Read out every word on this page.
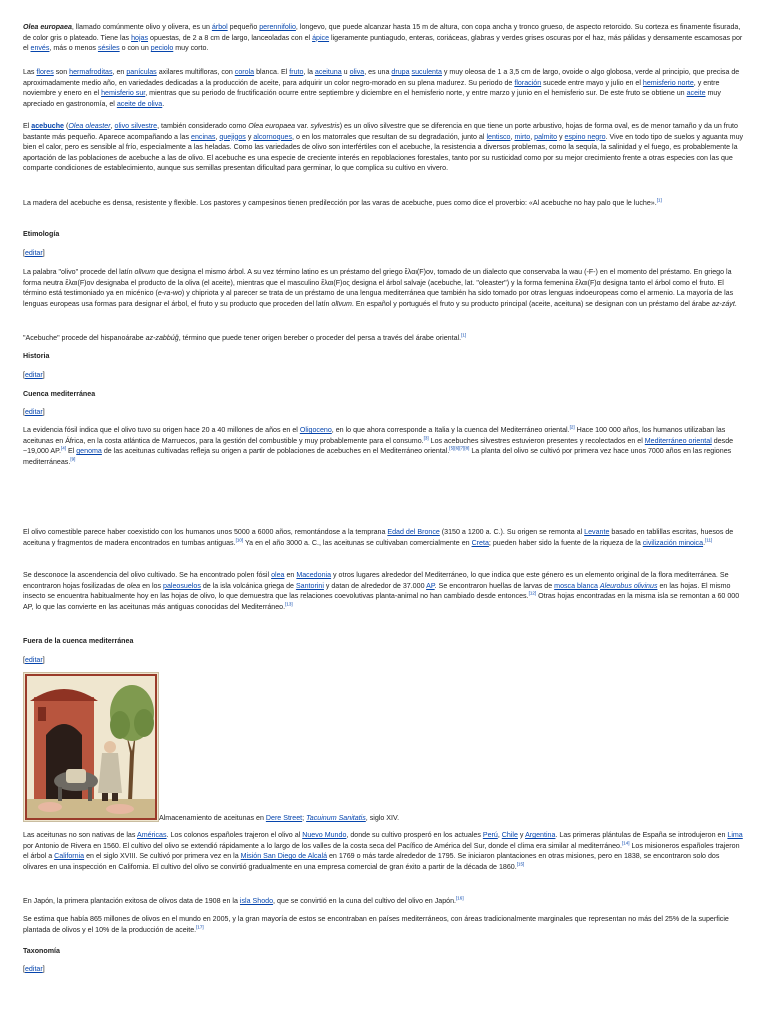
Olea europaea, llamado comúnmente olivo y olivera, es un árbol pequeño perennifolio, longevo, que puede alcanzar hasta 15 m de altura, con copa ancha y tronco grueso, de aspecto retorcido. Su corteza es finamente fisurada, de color gris o plateado. Tiene las hojas opuestas, de 2 a 8 cm de largo, lanceoladas con el ápice ligeramente puntiagudo, enteras, coriáceas, glabras y verdes grises oscuras por el haz, más pálidas y densamente escamosas por el envés, más o menos sésiles o con un peciolo muy corto.

Las flores son hermafroditas, en panículas axilares multifloras, con corola blanca. El fruto, la aceituna u oliva, es una drupa suculenta y muy oleosa de 1 a 3,5 cm de largo, ovoide o algo globosa, verde al principio, que precisa de aproximadamente medio año, en variedades dedicadas a la producción de aceite, para adquirir un color negro-morado en su plena madurez. Su periodo de floración sucede entre mayo y julio en el hemisferio norte, y entre noviembre y enero en el hemisferio sur, mientras que su periodo de fructificación ocurre entre septiembre y diciembre en el hemisferio norte, y entre marzo y junio en el hemisferio sur. De este fruto se obtiene un aceite muy apreciado en gastronomía, el aceite de oliva.

El acebuche (Olea oleaster, olivo silvestre, también considerado como Olea europaea var. sylvestris) es un olivo silvestre que se diferencia en que tiene un porte arbustivo, hojas de forma oval, es de menor tamaño y da un fruto bastante más pequeño. Aparece acompañando a las encinas, quejigos y alcornoques, o en los matorrales que resultan de su degradación, junto al lentisco, mirto, palmito y espino negro. Vive en todo tipo de suelos y aguanta muy bien el calor, pero es sensible al frío, especialmente a las heladas. Como las variedades de olivo son interfértiles con el acebuche, la resistencia a diversos problemas, como la sequía, la salinidad y el fuego, es probablemente la aportación de las poblaciones de acebuche a las de olivo. El acebuche es una especie de creciente interés en repoblaciones forestales, tanto por su rusticidad como por su mejor crecimiento frente a otras especies con las que comparte condiciones de establecimiento, aunque sus semillas presentan dificultad para germinar, lo que complica su cultivo en vivero.

La madera del acebuche es densa, resistente y flexible. Los pastores y campesinos tienen predilección por las varas de acebuche, pues como dice el proverbio: «Al acebuche no hay palo que le luche».[1]

Etimología
[editar]

La palabra "olivo" procede del latín olīvum que designa el mismo árbol. A su vez término latino es un préstamo del griego ἔλαι(F)ον, tomado de un dialecto que conservaba la wau (-F-) en el momento del préstamo. En griego la forma neutra ἔλαι(F)ον designaba el producto de la oliva (el aceite), mientras que el masculino ἔλαι(F)ος designa el árbol salvaje (acebuche, lat. "oleaster") y la forma femenina ἔλαι(F)α designa tanto el árbol como el fruto. El término está testimoniado ya en micénico (e-ra-wo) y chipriota y al parecer se trata de un préstamo de una lengua mediterránea que también ha sido tomado por otras lenguas indoeuropeas como el armenio. La mayoría de las lenguas europeas usa formas para designar el árbol, el fruto y su producto que proceden del latín olīvum. En español y portugués el fruto y su producto principal (aceite, aceituna) se designan con un préstamo del árabe az-záyt.

"Acebuche" procede del hispanoárabe az-zabbúǧ, término que puede tener origen bereber o proceder del persa a través del árabe oriental.[1]

Historia
[editar]
Cuenca mediterránea
[editar]

La evidencia fósil indica que el olivo tuvo su origen hace 20 a 40 millones de años en el Oligoceno, en lo que ahora corresponde a Italia y la cuenca del Mediterráneo oriental.[2] Hace 100 000 años, los humanos utilizaban las aceitunas en África, en la costa atlántica de Marruecos, para la gestión del combustible y muy probablemente para el consumo.[3] Los acebuches silvestres estuvieron presentes y recolectados en el Mediterráneo oriental desde ~19,000 AP.[4] El genoma de las aceitunas cultivadas refleja su origen a partir de poblaciones de acebuches en el Mediterráneo oriental.[5][6][7][8] La planta del olivo se cultivó por primera vez hace unos 7000 años en las regiones mediterráneas.[9]

El olivo comestible parece haber coexistido con los humanos unos 5000 a 6000 años, remontándose a la temprana Edad del Bronce (3150 a 1200 a. C.). Su origen se remonta al Levante basado en tablillas escritas, huesos de aceituna y fragmentos de madera encontrados en tumbas antiguas.[10] Ya en el año 3000 a. C., las aceitunas se cultivaban comercialmente en Creta; pueden haber sido la fuente de la riqueza de la civilización minoica.[11]

Se desconoce la ascendencia del olivo cultivado. Se ha encontrado polen fósil olea en Macedonia y otros lugares alrededor del Mediterráneo, lo que indica que este género es un elemento original de la flora mediterránea. Se encontraron hojas fosilizadas de olea en los paleosuelos de la isla volcánica griega de Santorini y datan de alrededor de 37.000 AP. Se encontraron huellas de larvas de mosca blanca Aleurobus olivinus en las hojas. El mismo insecto se encuentra habitualmente hoy en las hojas de olivo, lo que demuestra que las relaciones coevolutivas planta-animal no han cambiado desde entonces.[12] Otras hojas encontradas en la misma isla se remontan a 60 000 AP, lo que las convierte en las aceitunas más antiguas conocidas del Mediterráneo.[13]

Fuera de la cuenca mediterránea
[editar]
Almacenamiento de aceitunas en Dere Street; Tacuinum Sanitatis, siglo XIV.

Las aceitunas no son nativas de las Américas. Los colonos españoles trajeron el olivo al Nuevo Mundo, donde su cultivo prosperó en los actuales Perú, Chile y Argentina. Las primeras plántulas de España se introdujeron en Lima por Antonio de Rivera en 1560. El cultivo del olivo se extendió rápidamente a lo largo de los valles de la costa seca del Pacífico de América del Sur, donde el clima era similar al mediterráneo.[14] Los misioneros españoles trajeron el árbol a California en el siglo XVIII. Se cultivó por primera vez en la Misión San Diego de Alcalá en 1769 o más tarde alrededor de 1795. Se iniciaron plantaciones en otras misiones, pero en 1838, se encontraron solo dos olivares en una inspección en California. El cultivo del olivo se convirtió gradualmente en una empresa comercial de gran éxito a partir de la década de 1860.[15]

En Japón, la primera plantación exitosa de olivos data de 1908 en la isla Shodo, que se convirtió en la cuna del cultivo del olivo en Japón.[16]

Se estima que había 865 millones de olivos en el mundo en 2005, y la gran mayoría de estos se encontraban en países mediterráneos, con áreas tradicionalmente marginales que representan no más del 25% de la superficie plantada de olivos y el 10% de la producción de aceite.[17]

Taxonomía
[editar]
